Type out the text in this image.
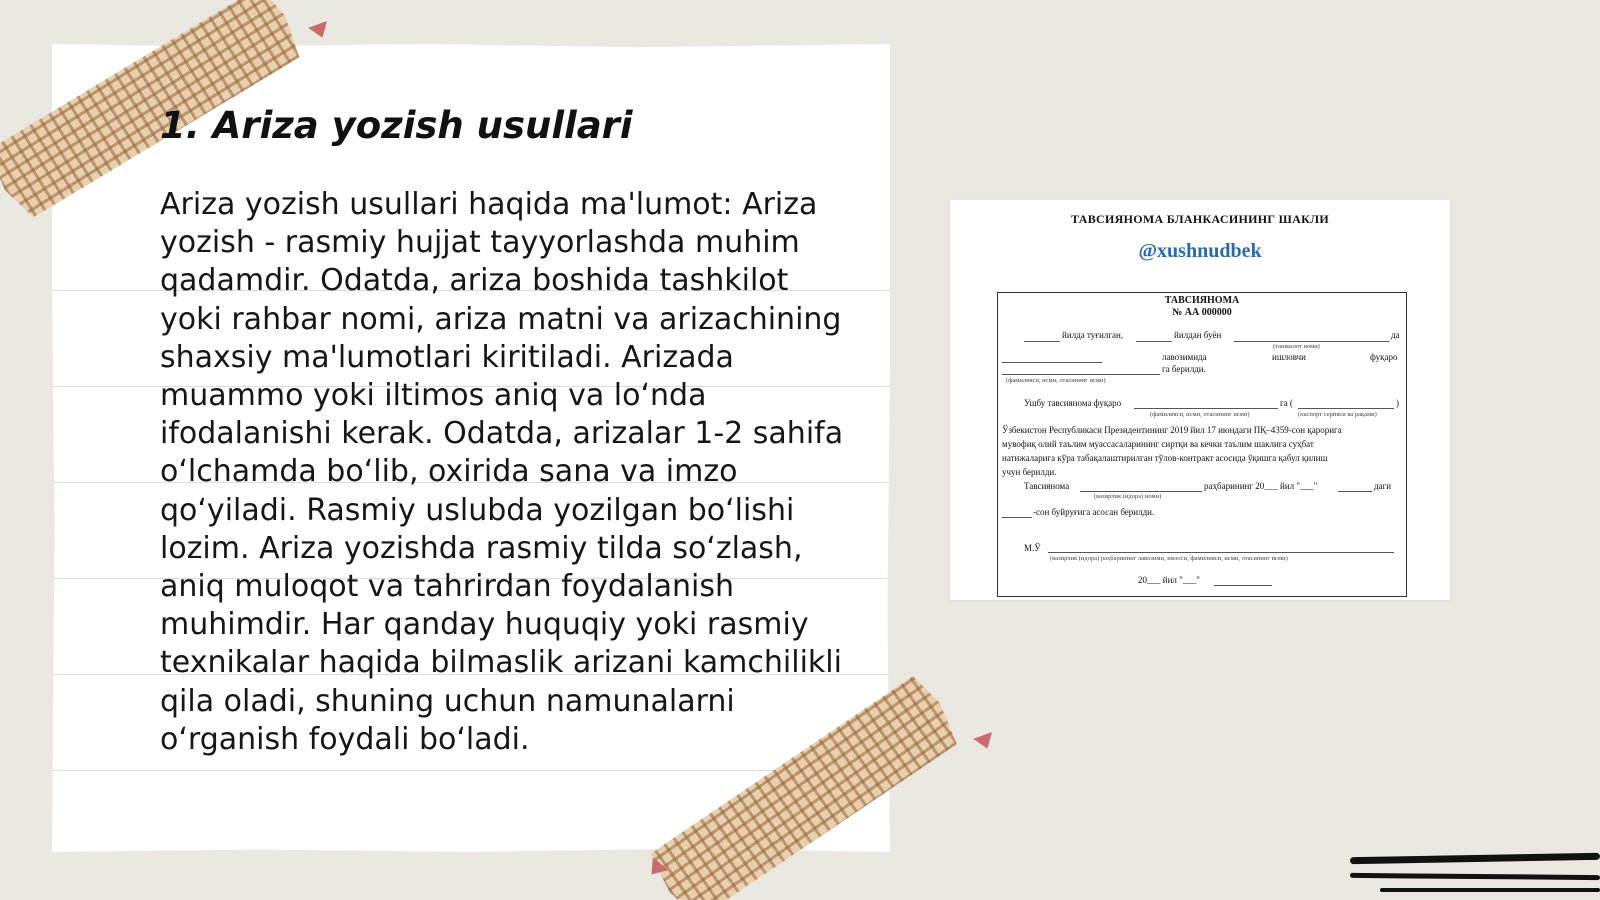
1. Ariza yozish usullari

Ariza yozish usullari haqida ma'lumot: Ariza yozish - rasmiy hujjat tayyorlashda muhim qadamdir. Odatda, ariza boshida tashkilot yoki rahbar nomi, ariza matni va arizachining shaxsiy ma'lumotlari kiritiladi. Arizada muammo yoki iltimos aniq va lo‘nda ifodalanishi kerak. Odatda, arizalar 1-2 sahifa o‘lchamda bo‘lib, oxirida sana va imzo qo‘yiladi. Rasmiy uslubda yozilgan bo‘lishi lozim. Ariza yozishda rasmiy tilda so‘zlash, aniq muloqot va tahrirdan foydalanish muhimdir. Har qanday huquqiy yoki rasmiy texnikalar haqida bilmaslik arizani kamchilikli qila oladi, shuning uchun namunalarni o‘rganish foydali bo‘ladi.

ТАВСИЯНОМА БЛАНКАСИНИНГ ШАКЛИ
@xushnudbek
ТАВСИЯНОМА
№ АА 000000
йилда туғилган,	йилдан буён	да
(ташкилот номи)
лавозимида	ишловчи	фуқаро
га берилди.
(фамилияси, исми, отасининг исми)
Ушбу тавсиянома фуқаро	га (	)
(фамилияси, исми, отасининг исми)	(паспорт серияси ва рақами)
Ўзбекистон Республикаси Президентининг 2019 йил 17 июндаги ПҚ–4359-сон қарорига
мувофиқ олий таълим муассасаларининг сиртқи ва кечки таълим шаклига суҳбат
натижаларига кўра табақалаштирилган тўлов-контракт асосида ўқишга қабул қилиш
учун берилди.
Тавсиянома	раҳбарининг 20___ йил "___"	даги
(вазирлик (идора) номи)
-сон буйруғига асосан берилди.
М.Ў
(вазирлик (идора) раҳбарининг лавозими, имзоси, фамилияси, исми, отасининг исми)
20___ йил "___"
